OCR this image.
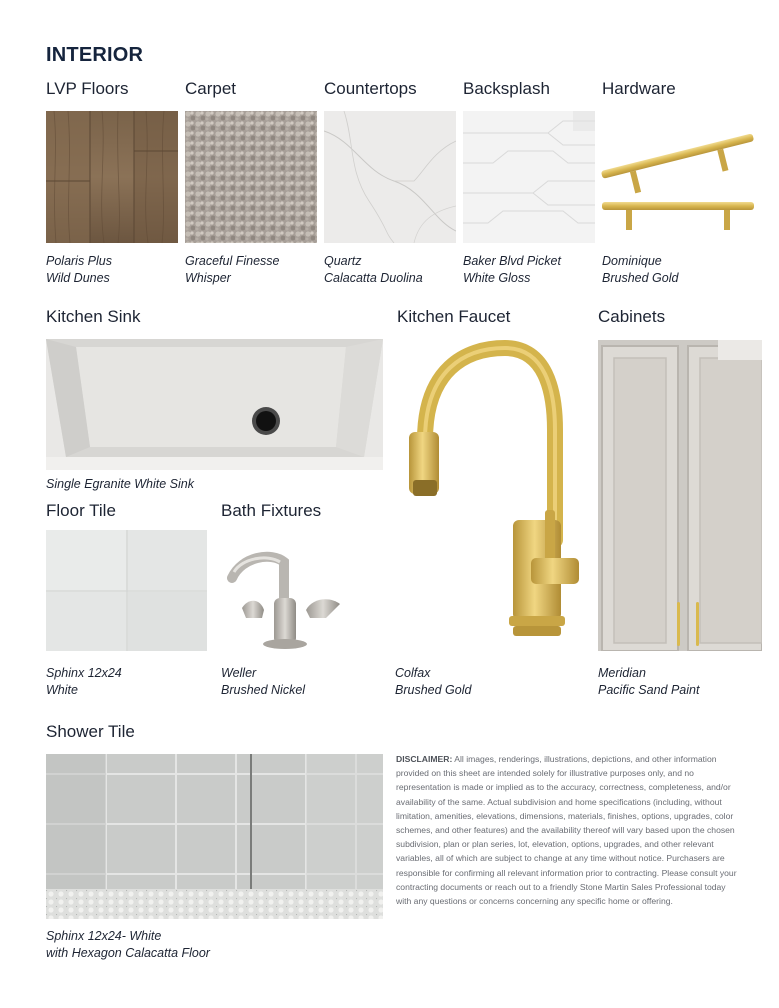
INTERIOR
LVP Floors	Carpet	Countertops	Backsplash	Hardware
Polaris Plus
Wild Dunes
Graceful Finesse
Whisper
Quartz
Calacatta Duolina
Baker Blvd Picket
White Gloss
Dominique
Brushed Gold
Kitchen Sink	Kitchen Faucet	Cabinets
Single Egranite White Sink
Colfax
Brushed Gold
Meridian
Pacific Sand Paint
Floor Tile	Bath Fixtures
Sphinx 12x24
White
Weller
Brushed Nickel
Shower Tile
Sphinx 12x24- White
with Hexagon Calacatta Floor
DISCLAIMER: All images, renderings, illustrations, depictions, and other information provided on this sheet are intended solely for illustrative purposes only, and no representation is made or implied as to the accuracy, correctness, completeness, and/or availability of the same. Actual subdivision and home specifications (including, without limitation, amenities, elevations, dimensions, materials, finishes, options, upgrades, color schemes, and other features) and the availability thereof will vary based upon the chosen subdivision, plan or plan series, lot, elevation, options, upgrades, and other relevant variables, all of which are subject to change at any time without notice. Purchasers are responsible for confirming all relevant information prior to contracting. Please consult your contracting documents or reach out to a friendly Stone Martin Sales Professional today with any questions or concerns concerning any specific home or offering.
